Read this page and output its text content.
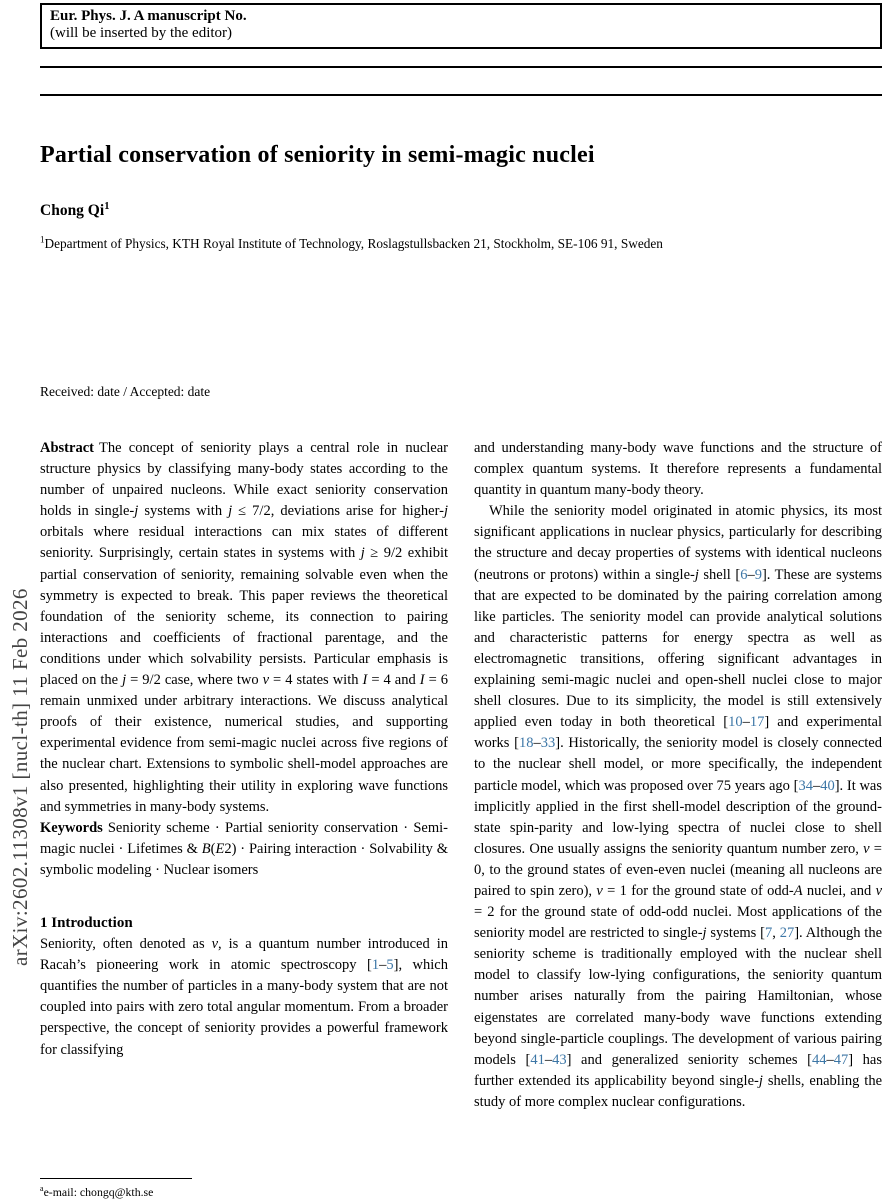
Eur. Phys. J. A manuscript No.
(will be inserted by the editor)
arXiv:2602.11308v1 [nucl-th] 11 Feb 2026
Partial conservation of seniority in semi-magic nuclei
Chong Qi$^1$
$^1$Department of Physics, KTH Royal Institute of Technology, Roslagstullsbacken 21, Stockholm, SE-106 91, Sweden
Received: date / Accepted: date

Abstract The concept of seniority plays a central role in nuclear structure physics by classifying many-body states according to the number of unpaired nucleons. While exact seniority conservation holds in single-j systems with j ≤ 7/2, deviations arise for higher-j orbitals where residual interactions can mix states of different seniority. Surprisingly, certain states in systems with j ≥ 9/2 exhibit partial conservation of seniority, remaining solvable even when the symmetry is expected to break. This paper reviews the theoretical foundation of the seniority scheme, its connection to pairing interactions and coefficients of fractional parentage, and the conditions under which solvability persists. Particular emphasis is placed on the j = 9/2 case, where two v = 4 states with I = 4 and I = 6 remain unmixed under arbitrary interactions. We discuss analytical proofs of their existence, numerical studies, and supporting experimental evidence from semi-magic nuclei across five regions of the nuclear chart. Extensions to symbolic shell-model approaches are also presented, highlighting their utility in exploring wave functions and symmetries in many-body systems.

Keywords Seniority scheme · Partial seniority conservation · Semi-magic nuclei · Lifetimes & B(E2) · Pairing interaction · Solvability & symbolic modeling · Nuclear isomers

1 Introduction

Seniority, often denoted as v, is a quantum number introduced in Racah’s pioneering work in atomic spectroscopy [1–5], which quantifies the number of particles in a many-body system that are not coupled into pairs with zero total angular momentum. From a broader perspective, the concept of seniority provides a powerful framework for classifying

$^a$e-mail: chongq@kth.se

and understanding many-body wave functions and the structure of complex quantum systems. It therefore represents a fundamental quantity in quantum many-body theory.

While the seniority model originated in atomic physics, its most significant applications in nuclear physics, particularly for describing the structure and decay properties of systems with identical nucleons (neutrons or protons) within a single-j shell [6–9]. These are systems that are expected to be dominated by the pairing correlation among like particles. The seniority model can provide analytical solutions and characteristic patterns for energy spectra as well as electromagnetic transitions, offering significant advantages in explaining semi-magic nuclei and open-shell nuclei close to major shell closures. Due to its simplicity, the model is still extensively applied even today in both theoretical [10–17] and experimental works [18–33]. Historically, the seniority model is closely connected to the nuclear shell model, or more specifically, the independent particle model, which was proposed over 75 years ago [34–40]. It was implicitly applied in the first shell-model description of the ground-state spin-parity and low-lying spectra of nuclei close to shell closures. One usually assigns the seniority quantum number zero, v = 0, to the ground states of even-even nuclei (meaning all nucleons are paired to spin zero), v = 1 for the ground state of odd-A nuclei, and v = 2 for the ground state of odd-odd nuclei. Most applications of the seniority model are restricted to single-j systems [7, 27]. Although the seniority scheme is traditionally employed with the nuclear shell model to classify low-lying configurations, the seniority quantum number arises naturally from the pairing Hamiltonian, whose eigenstates are correlated many-body wave functions extending beyond single-particle couplings. The development of various pairing models [41–43] and generalized seniority schemes [44–47] has further extended its applicability beyond single-j shells, enabling the study of more complex nuclear configurations.
